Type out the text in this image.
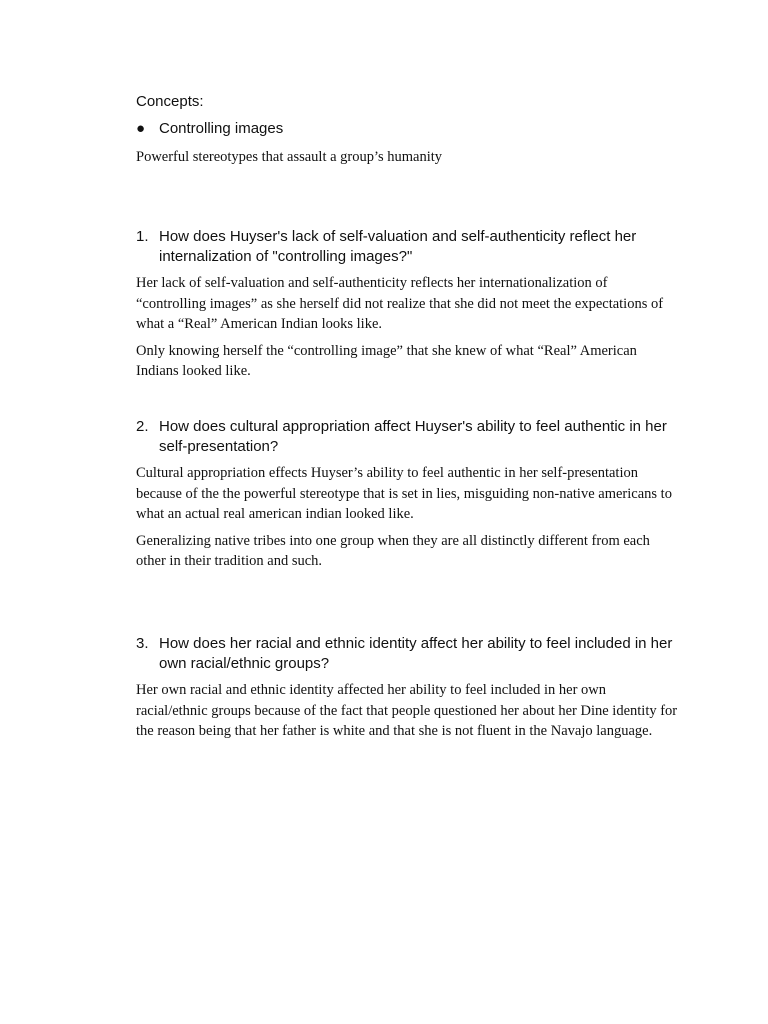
Concepts:
● Controlling images
Powerful stereotypes that assault a group’s humanity
1. How does Huyser's lack of self-valuation and self-authenticity reflect her internalization of "controlling images?"

Her lack of self-valuation and self-authenticity reflects her internationalization of “controlling images” as she herself did not realize that she did not meet the expectations of what a “Real” American Indian looks like.

Only knowing herself the “controlling image” that she knew of what “Real” American Indians looked like.

2. How does cultural appropriation affect Huyser's ability to feel authentic in her self-presentation?

Cultural appropriation effects Huyser’s ability to feel authentic in her self-presentation because of the the powerful stereotype that is set in lies, misguiding non-native americans to what an actual real american indian looked like.

Generalizing native tribes into one group when they are all distinctly different from each other in their tradition and such.

3. How does her racial and ethnic identity affect her ability to feel included in her own racial/ethnic groups?

Her own racial and ethnic identity affected her ability to feel included in her own racial/ethnic groups because of the fact that people questioned her about her Dine identity for the reason being that her father is white and that she is not fluent in the Navajo language.
